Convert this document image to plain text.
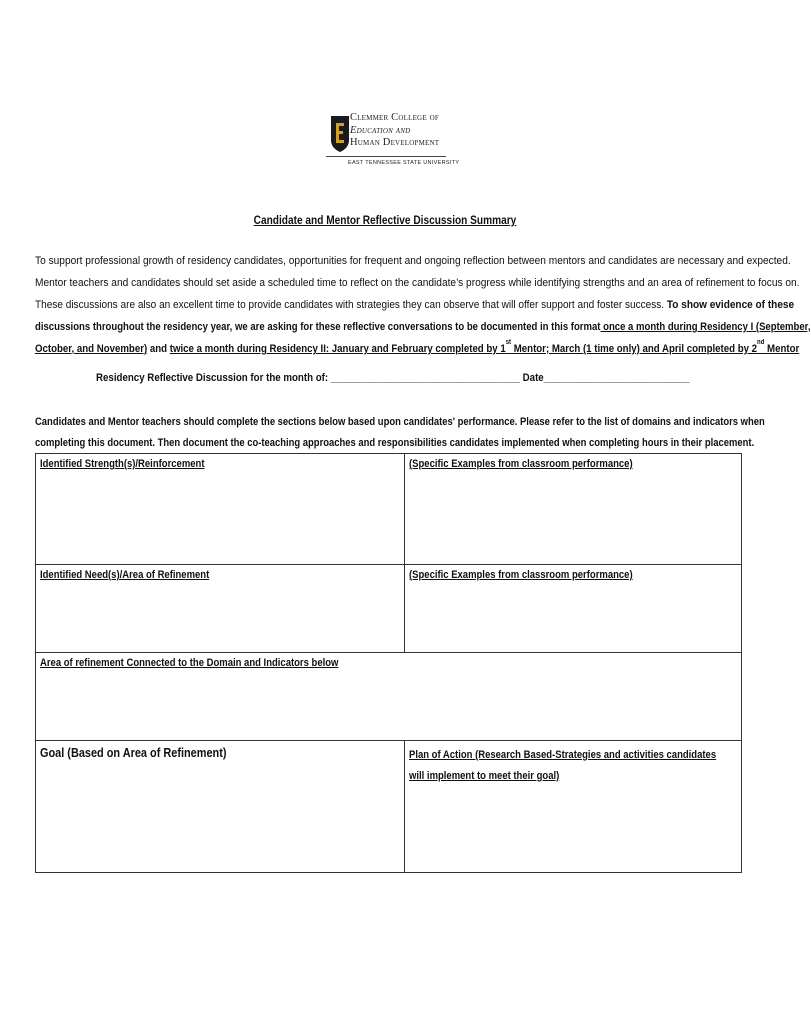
Clemmer College of
Education and
Human Development
EAST TENNESSEE STATE UNIVERSITY
Candidate and Mentor Reflective Discussion Summary
To support professional growth of residency candidates, opportunities for frequent and ongoing reflection between mentors and candidates are necessary and expected.
Mentor teachers and candidates should set aside a scheduled time to reflect on the candidate’s progress while identifying strengths and an area of refinement to focus on.
These discussions are also an excellent time to provide candidates with strategies they can observe that will offer support and foster success. To show evidence of these
discussions throughout the residency year, we are asking for these reflective conversations to be documented in this format once a month during Residency I (September,
October, and November) and twice a month during Residency II: January and February completed by 1st Mentor; March (1 time only) and April completed by 2nd Mentor
Residency Reflective Discussion for the month of: ___________________________________ Date___________________________
Candidates and Mentor teachers should complete the sections below based upon candidates' performance. Please refer to the list of domains and indicators when
completing this document. Then document the co-teaching approaches and responsibilities candidates implemented when completing hours in their placement.
Identified Strength(s)/Reinforcement	(Specific Examples from classroom performance)
Identified Need(s)/Area of Refinement	(Specific Examples from classroom performance)
Area of refinement Connected to the Domain and Indicators below	
Goal (Based on Area of Refinement)	Plan of Action (Research Based-Strategies and activities candidates will implement to meet their goal)
